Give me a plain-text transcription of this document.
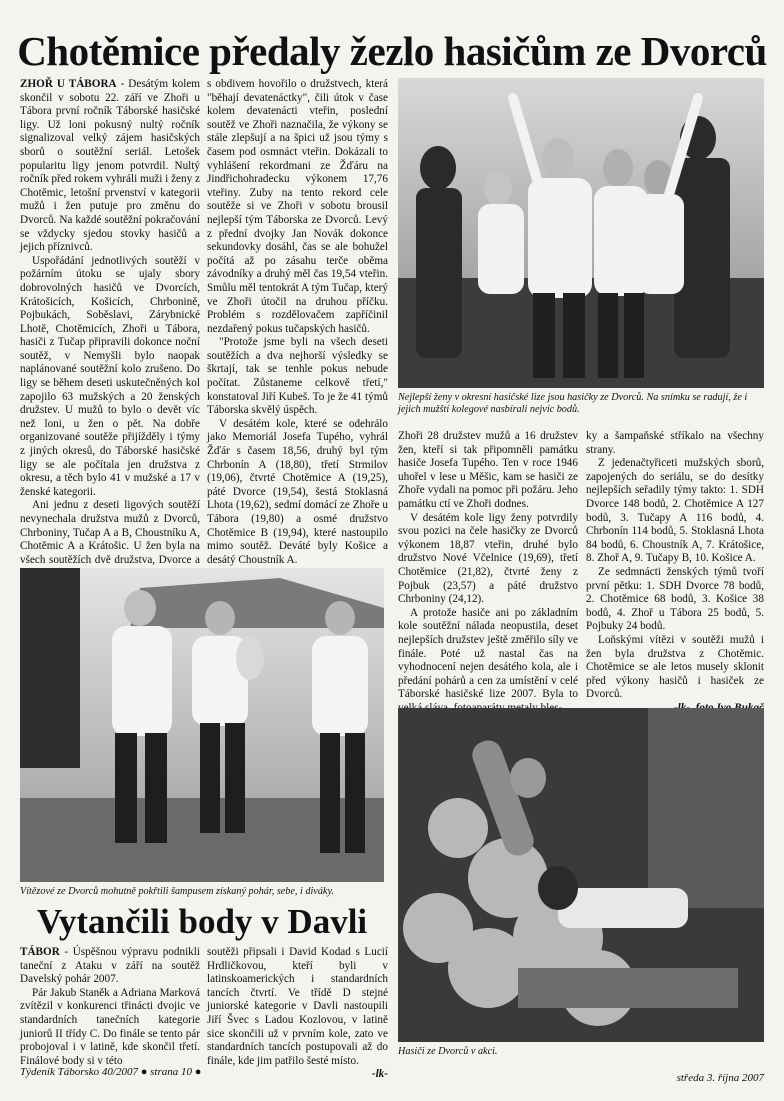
Chotěmice předaly žezlo hasičům ze Dvorců

ZHOŘ U TÁBORA - Desátým kolem skončil v sobotu 22. září ve Zhoři u Tábora první ročník Táborské hasičské ligy. Už loni pokusný nultý ročník signalizoval velký zájem hasičských sborů o soutěžní seriál. Letošek popularitu ligy jenom potvrdil. Nultý ročník před rokem vyhráli muži i ženy z Chotěmic, letošní prvenství v kategorii mužů i žen putuje pro změnu do Dvorců. Na každé soutěžní pokračování se vždycky sjedou stovky hasičů a jejich příznivců.

Uspořádání jednotlivých soutěží v požárním útoku se ujaly sbory dobrovolných hasičů ve Dvorcích, Krátošicích, Košicích, Chrbonině, Pojbukách, Soběslavi, Zárybnické Lhotě, Chotěmicích, Zhoři u Tábora, hasiči z Tučap připravili dokonce noční soutěž, v Nemyšli bylo naopak naplánované soutěžní kolo zrušeno. Do ligy se během deseti uskutečněných kol zapojilo 63 mužských a 20 ženských družstev. U mužů to bylo o devět víc než loni, u žen o pět. Na dobře organizované soutěže přijížděly i týmy z jiných okresů, do Táborské hasičské ligy se ale počítala jen družstva z okresu, a těch bylo 41 v mužské a 17 v ženské kategorii.

Ani jednu z deseti ligových soutěží nevynechala družstva mužů z Dvorců, Chrboniny, Tučap A a B, Choustníku A, Chotěmic A a Krátošic. U žen byla na všech soutěžích dvě družstva, Dvorce a

s obdivem hovořilo o družstvech, která "běhají devatenáctky", čili útok v čase kolem devatenácti vteřin, poslední soutěž ve Zhoři naznačila, že výkony se stále zlepšují a na špici už jsou týmy s časem pod osmnáct vteřin. Dokázali to vyhlášení rekordmani ze Žďáru na Jindřichohradecku výkonem 17,76 vteřiny. Zuby na tento rekord cele soutěže si ve Zhoři v sobotu brousil nejlepší tým Táborska ze Dvorců. Levý z přední dvojky Jan Novák dokonce sekundovky dosáhl, čas se ale bohužel počítá až po zásahu terče oběma závodníky a druhý měl čas 19,54 vteřin. Smůlu měl tentokrát A tým Tučap, který ve Zhoři útočil na druhou příčku. Problém s rozdělovačem zapříčinil nezdařený pokus tučapských hasičů.

"Protože jsme byli na všech deseti soutěžích a dva nejhorší výsledky se škrtají, tak se tenhle pokus nebude počítat. Zůstaneme celkově třetí," konstatoval Jiří Kubeš. To je že 41 týmů Táborska skvělý úspěch.

V desátém kole, které se odehrálo jako Memoriál Josefa Tupého, vyhrál Žďár s časem 18,56, druhý byl tým Chrbonín A (18,80), třetí Strmilov (19,06), čtvrté Chotěmice A (19,25), páté Dvorce (19,54), šestá Stoklasná Lhota (19,62), sedmí domácí ze Zhoře u Tábora (19,80) a osmé družstvo Chotěmice B (19,94), které nastoupilo mimo soutěž. Deváté byly Košice a desátý Choustník A.

Nejlepší ženy v okresní hasičské lize jsou hasičky ze Dvorců. Na snímku se radují, že i jejich mužští kolegové nasbírali nejvíc bodů.

Zhoři 28 družstev mužů a 16 družstev žen, kteří si tak připomněli památku hasiče Josefa Tupého. Ten v roce 1946 uhořel v lese u Měšic, kam se hasiči ze Zhoře vydali na pomoc při požáru. Jeho památku ctí ve Zhoři dodnes.

V desátém kole ligy ženy potvrdily svou pozici na čele hasičky ze Dvorců výkonem 18,87 vteřin, druhé bylo družstvo Nové Včelnice (19,69), třetí Chotěmice (21,82), čtvrté ženy z Pojbuk (23,57) a páté družstvo Chrboniny (24,12).

A protože hasiče ani po základním kole soutěžní nálada neopustila, deset nejlepších družstev ještě změřilo síly ve finále. Poté už nastal čas na vyhodnocení nejen desátého kola, ale i předání pohárů a cen za umístění v celé Táborské hasičské lize 2007. Byla to

ky a šampaňské stříkalo na všechny strany.

Z jedenačtyřiceti mužských sborů, zapojených do seriálu, se do desítky nejlepších seřadily týmy takto: 1. SDH Dvorce 148 bodů, 2. Chotěmice A 127 bodů, 3. Tučapy A 116 bodů, 4. Chrbonín 114 bodů, 5. Stoklasná Lhota 84 bodů, 6. Choustník A, 7. Krátošice, 8. Zhoř A, 9. Tučapy B, 10. Košice A.

Ze sedmnácti ženských týmů tvoří první pětku: 1. SDH Dvorce 78 bodů, 2. Chotěmice 68 bodů, 3. Košice 38 bodů, 4. Zhoř u Tábora 25 bodů, 5. Pojbuky 24 bodů.

Loňskými vítězi v soutěži mužů i žen byla družstva z Chotěmic. Chotěmice se ale letos musely sklonit před výkony hasičů i hasiček ze Dvorců.

Vítězové ze Dvorců mohutně pokřtili šampusem získaný pohár, sebe, i diváky.
Vytančili body v Davli

TÁBOR - Úspěšnou výpravu podnikli taneční z Ataku v září na soutěž Davelský pohár 2007.

Pár Jakub Staněk a Adriana Marková zvítězil v konkurenci třinácti dvojic ve standardních tanečních kategorie juniorů II třídy C. Do finále se tento pár probojoval i v latině, kde skončil třetí. Finálové body si v této

soutěži připsali i David Kodad s Lucií Hrdličkovou, kteří byli v latinskoamerických i standardních tancích čtvrtí. Ve třídě D stejné juniorské kategorie v Davli nastoupili Jiří Švec s Ladou Kozlovou, v latině sice skončili už v prvním kole, zato ve standardních tancích postupovali až do finále, kde jim patřilo šesté místo.

-lk-
Hasiči ze Dvorců v akci.
Týdeník Táborsko 40/2007 ● strana 10 ●	středa 3. října 2007
